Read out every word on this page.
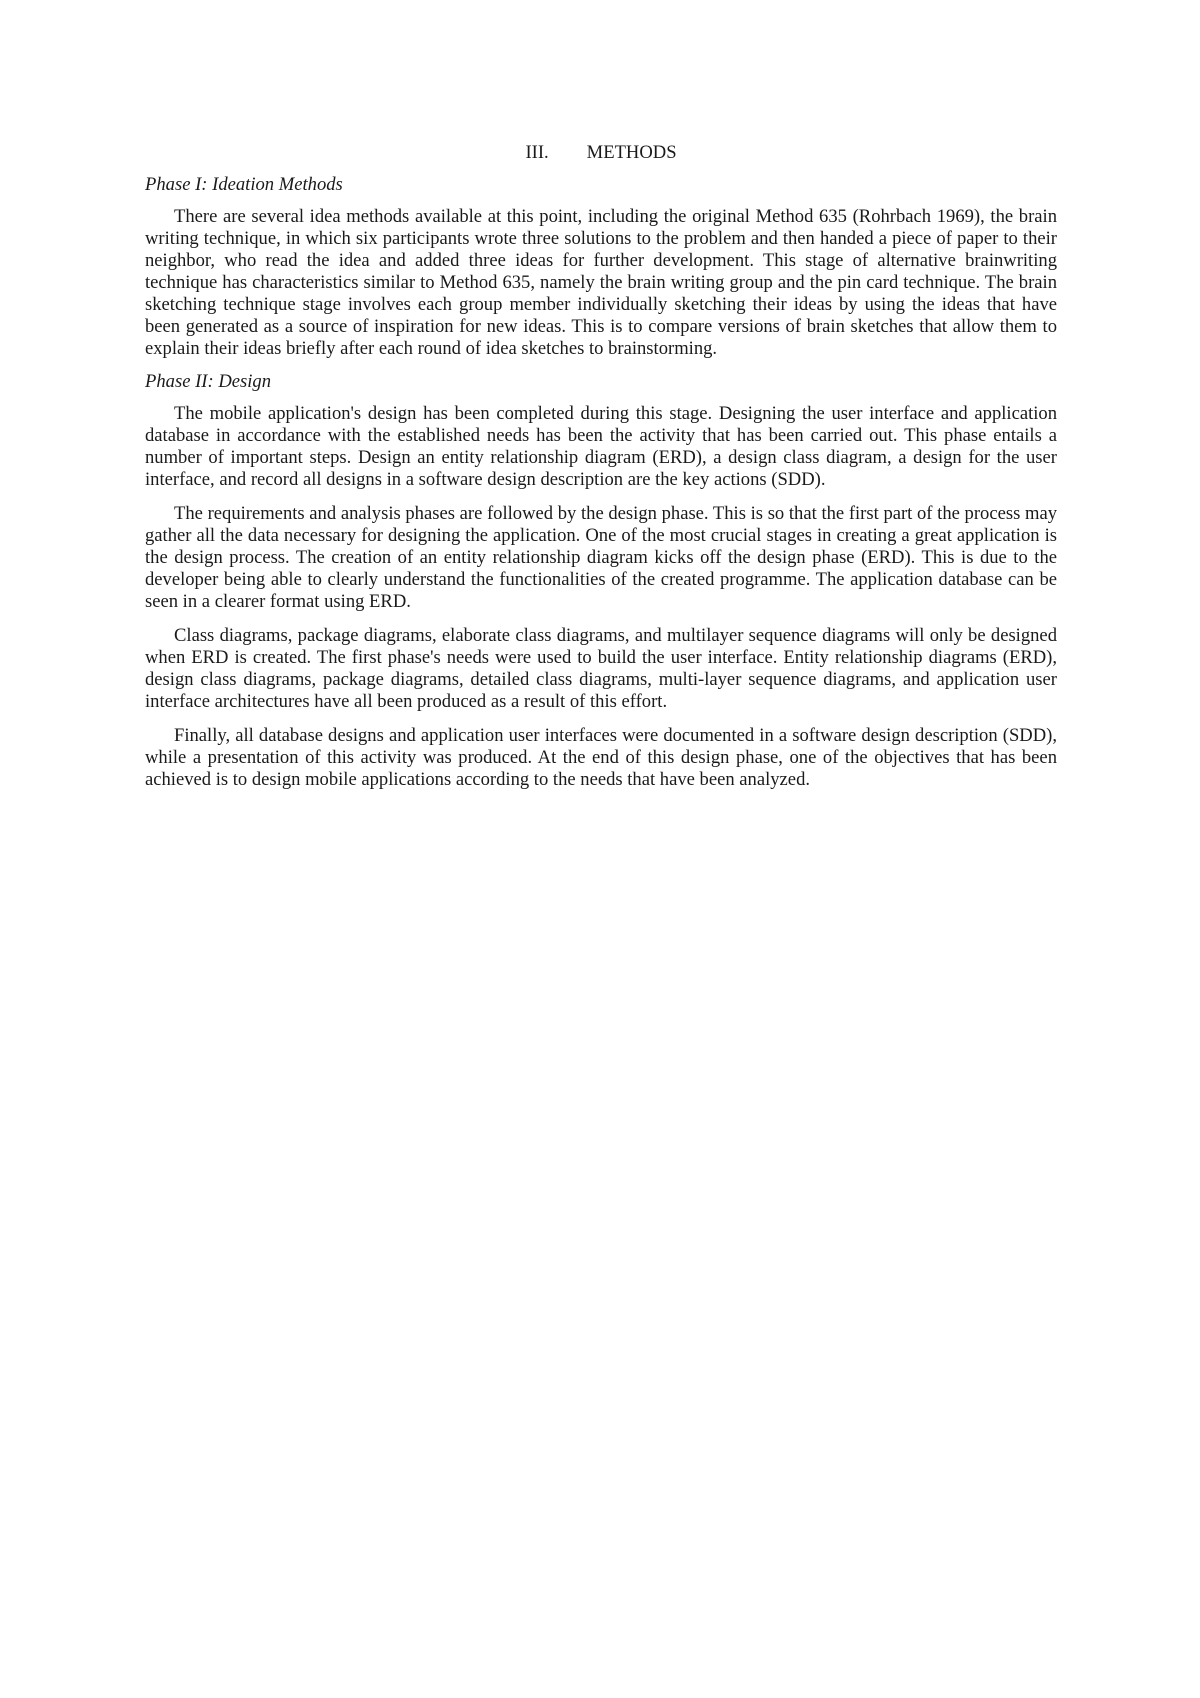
III. METHODS
Phase I: Ideation Methods

There are several idea methods available at this point, including the original Method 635 (Rohrbach 1969), the brain writing technique, in which six participants wrote three solutions to the problem and then handed a piece of paper to their neighbor, who read the idea and added three ideas for further development. This stage of alternative brainwriting technique has characteristics similar to Method 635, namely the brain writing group and the pin card technique. The brain sketching technique stage involves each group member individually sketching their ideas by using the ideas that have been generated as a source of inspiration for new ideas. This is to compare versions of brain sketches that allow them to explain their ideas briefly after each round of idea sketches to brainstorming.

Phase II: Design

The mobile application's design has been completed during this stage. Designing the user interface and application database in accordance with the established needs has been the activity that has been carried out. This phase entails a number of important steps. Design an entity relationship diagram (ERD), a design class diagram, a design for the user interface, and record all designs in a software design description are the key actions (SDD).

The requirements and analysis phases are followed by the design phase. This is so that the first part of the process may gather all the data necessary for designing the application. One of the most crucial stages in creating a great application is the design process. The creation of an entity relationship diagram kicks off the design phase (ERD). This is due to the developer being able to clearly understand the functionalities of the created programme. The application database can be seen in a clearer format using ERD.

Class diagrams, package diagrams, elaborate class diagrams, and multilayer sequence diagrams will only be designed when ERD is created. The first phase's needs were used to build the user interface. Entity relationship diagrams (ERD), design class diagrams, package diagrams, detailed class diagrams, multi-layer sequence diagrams, and application user interface architectures have all been produced as a result of this effort.

Finally, all database designs and application user interfaces were documented in a software design description (SDD), while a presentation of this activity was produced. At the end of this design phase, one of the objectives that has been achieved is to design mobile applications according to the needs that have been analyzed.
